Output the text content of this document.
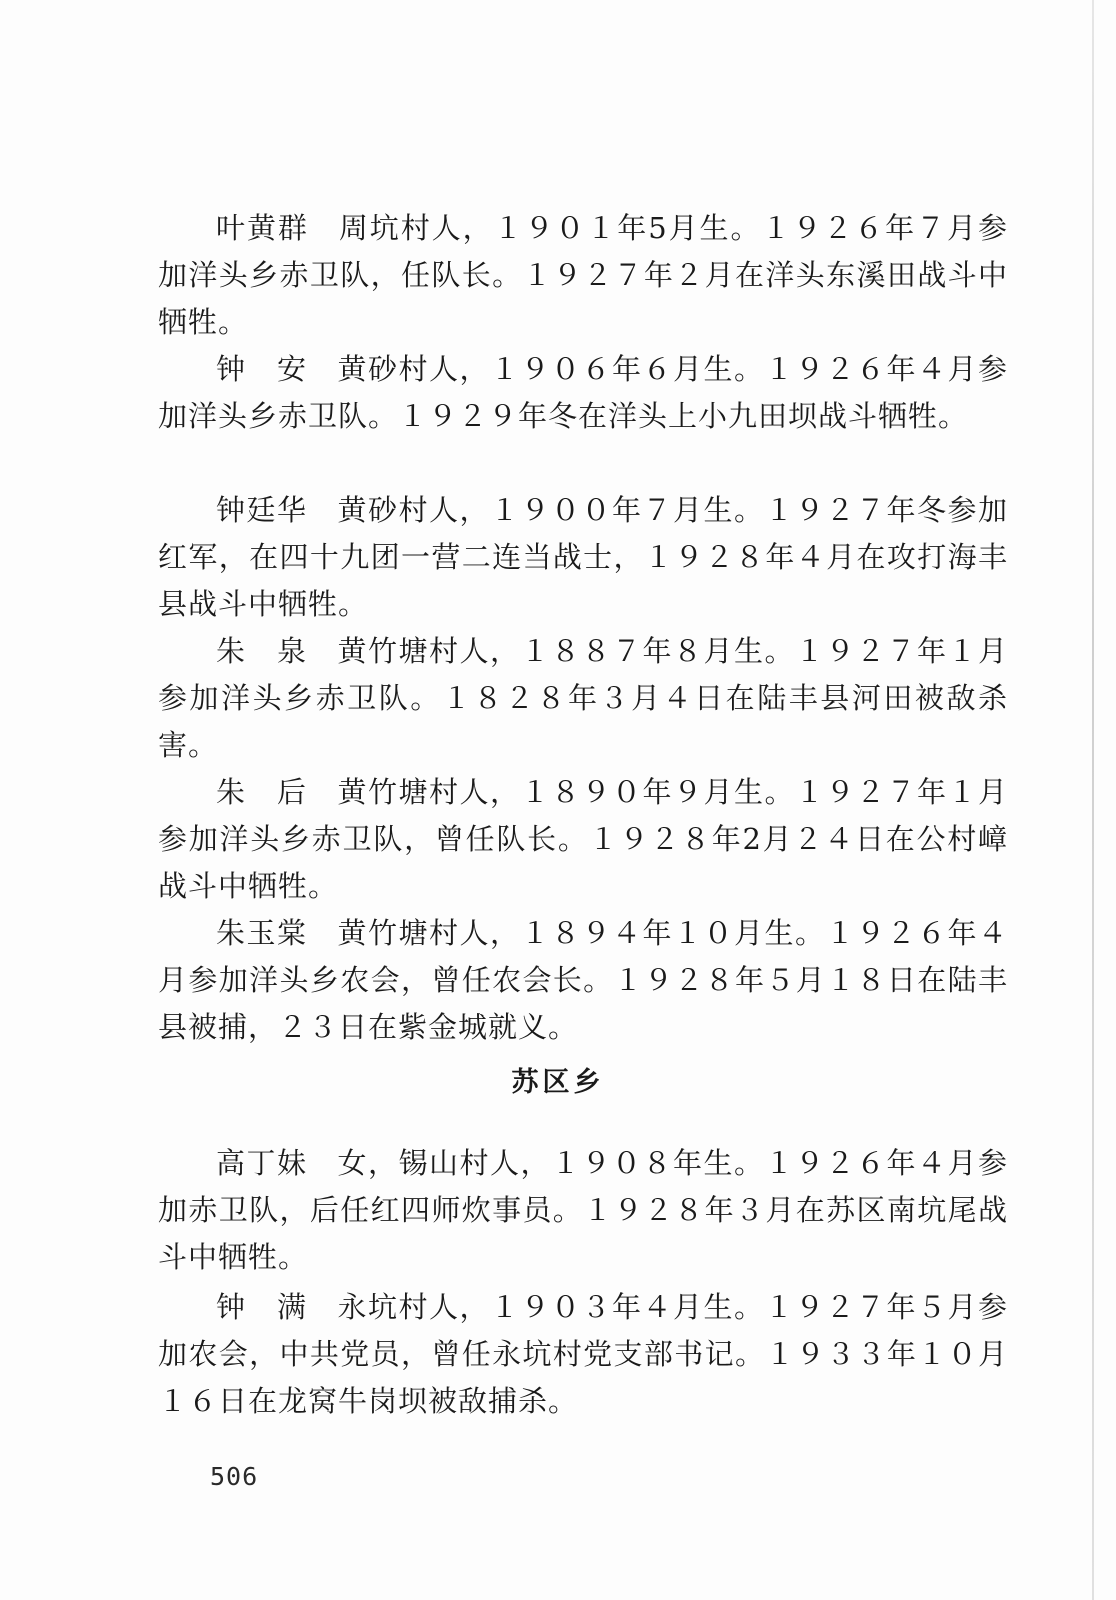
叶黄群 周坑村人，１９０１年5月生。１９２６年７月参加洋头乡赤卫队，任队长。１９２７年２月在洋头东溪田战斗中牺牲。

钟　安 黄砂村人，１９０６年６月生。１９２６年４月参加洋头乡赤卫队。１９２９年冬在洋头上小九田坝战斗牺牲。

钟廷华 黄砂村人，１９００年７月生。１９２７年冬参加红军，在四十九团一营二连当战士，１９２８年４月在攻打海丰县战斗中牺牲。

朱　泉 黄竹塘村人，１８８７年８月生。１９２７年１月参加洋头乡赤卫队。１８２８年３月４日在陆丰县河田被敌杀害。

朱　后 黄竹塘村人，１８９０年９月生。１９２７年１月参加洋头乡赤卫队，曾任队长。１９２８年2月２４日在公村嶂战斗中牺牲。

朱玉棠 黄竹塘村人，１８９４年１０月生。１９２６年４月参加洋头乡农会，曾任农会长。１９２８年５月１８日在陆丰县被捕，２３日在紫金城就义。

苏区乡

高丁妹 女，锡山村人，１９０８年生。１９２６年４月参加赤卫队，后任红四师炊事员。１９２８年３月在苏区南坑尾战斗中牺牲。

钟　满 永坑村人，１９０３年４月生。１９２７年５月参加农会，中共党员，曾任永坑村党支部书记。１９３３年１０月１６日在龙窝牛岗坝被敌捕杀。

506
